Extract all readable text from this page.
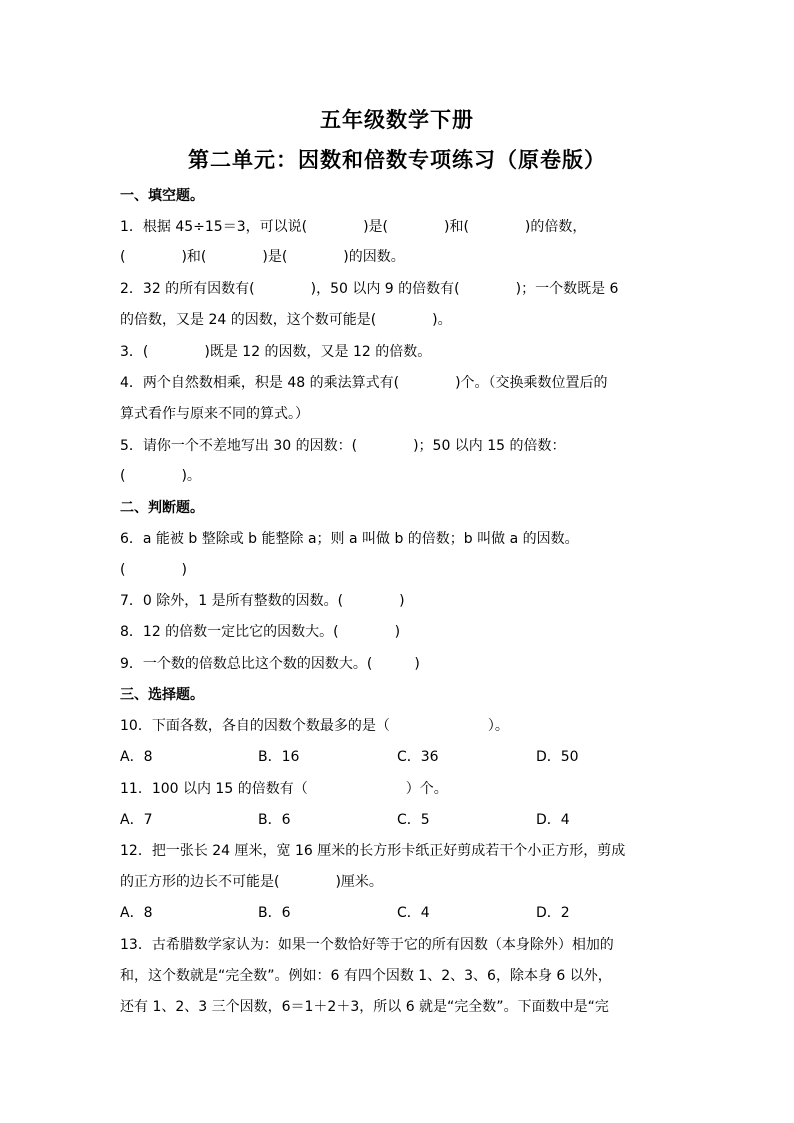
五年级数学下册
第二单元：因数和倍数专项练习（原卷版）
一、填空题。
1．根据 45÷15＝3，可以说(　　　　)是(　　　　)和(　　　　)的倍数，
(　　　　)和(　　　　)是(　　　　)的因数。
2．32 的所有因数有(　　　　)，50 以内 9 的倍数有(　　　　)；一个数既是 6
的倍数，又是 24 的因数，这个数可能是(　　　　)。
3．(　　　　)既是 12 的因数，又是 12 的倍数。
4．两个自然数相乘，积是 48 的乘法算式有(　　　　)个。（交换乘数位置后的
算式看作与原来不同的算式。）
5．请你一个不差地写出 30 的因数：(　　　　)；50 以内 15 的倍数：
(　　　　)。
二、判断题。
6．a 能被 b 整除或 b 能整除 a；则 a 叫做 b 的倍数；b 叫做 a 的因数。
(　　　　)
7．0 除外，1 是所有整数的因数。(　　　　)
8．12 的倍数一定比它的因数大。(　　　　)
9．一个数的倍数总比这个数的因数大。(　　　)
三、选择题。
10．下面各数，各自的因数个数最多的是（　　　　　　　）。
A．8	B．16	C．36	D．50
11．100 以内 15 的倍数有（　　　　　　　）个。
A．7	B．6	C．5	D．4
12．把一张长 24 厘米，宽 16 厘米的长方形卡纸正好剪成若干个小正方形，剪成
的正方形的边长不可能是(　　　　)厘米。
A．8	B．6	C．4	D．2
13．古希腊数学家认为：如果一个数恰好等于它的所有因数（本身除外）相加的
和，这个数就是“完全数”。例如：6 有四个因数 1、2、3、6，除本身 6 以外，
还有 1、2、3 三个因数，6＝1＋2＋3，所以 6 就是“完全数”。下面数中是“完
